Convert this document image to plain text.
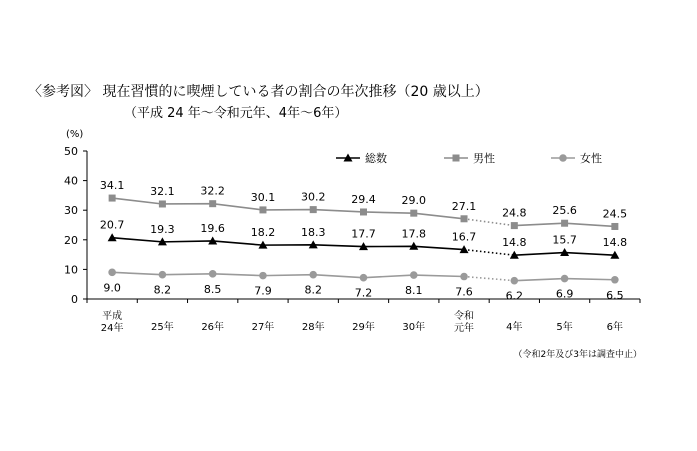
〈参考図〉 現在習慣的に喫煙している者の割合の年次推移（20 歳以上）
（平成 24 年～令和元年、4年～6年）
(%)
0
10
20
30
40
50
平成
24年	25年	26年	27年	28年	29年	30年
令和
元年	4年	5年	6年
20.7 19.3 19.6 18.2 18.3 17.7 17.8 16.7 14.8 15.7 14.8
34.1 32.1 32.2 30.1 30.2 29.4 29.0 27.1
24.8 25.6 24.5
9.0	8.2	8.5	7.9	8.2	7.2	8.1	7.6	6.2	6.9	6.5
総数	男性	女性
（令和2年及び3年は調査中止）
